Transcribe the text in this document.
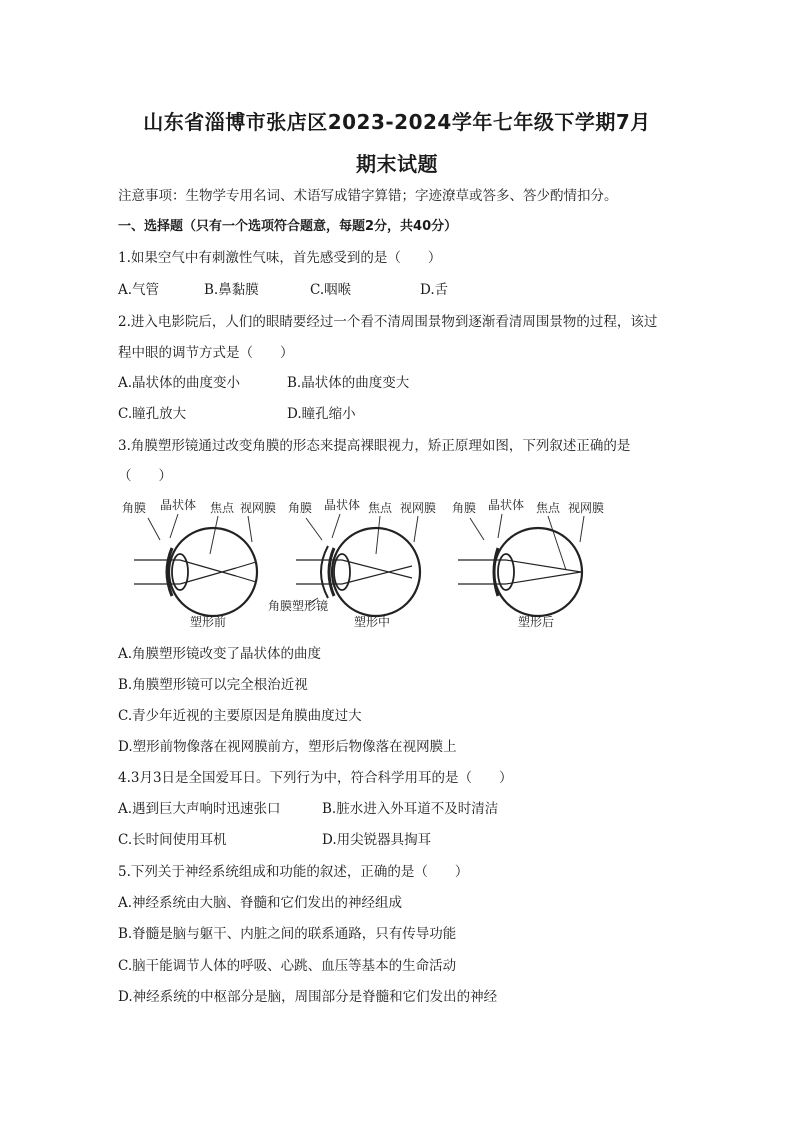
山东省淄博市张店区2023-2024学年七年级下学期7月
期末试题
注意事项：生物学专用名词、术语写成错字算错；字迹潦草或答多、答少酌情扣分。
一、选择题（只有一个选项符合题意，每题2分，共40分）
1.如果空气中有刺激性气味，首先感受到的是（　　）
A.气管	B.鼻黏膜	C.咽喉	D.舌
2.进入电影院后，人们的眼睛要经过一个看不清周围景物到逐渐看清周围景物的过程，该过
程中眼的调节方式是（　　）
A.晶状体的曲度变小	B.晶状体的曲度变大
C.瞳孔放大	D.瞳孔缩小
3.角膜塑形镜通过改变角膜的形态来提高裸眼视力，矫正原理如图，下列叙述正确的是
（　　）
角膜 晶状体 焦点 视网膜
塑形前
角膜 晶状体 焦点 视网膜
角膜塑形镜
塑形中
角膜 晶状体 焦点 视网膜
塑形后
A.角膜塑形镜改变了晶状体的曲度
B.角膜塑形镜可以完全根治近视
C.青少年近视的主要原因是角膜曲度过大
D.塑形前物像落在视网膜前方，塑形后物像落在视网膜上
4.3月3日是全国爱耳日。下列行为中，符合科学用耳的是（　　）
A.遇到巨大声响时迅速张口	B.脏水进入外耳道不及时清洁
C.长时间使用耳机	D.用尖锐器具掏耳
5.下列关于神经系统组成和功能的叙述，正确的是（　　）
A.神经系统由大脑、脊髓和它们发出的神经组成
B.脊髓是脑与躯干、内脏之间的联系通路，只有传导功能
C.脑干能调节人体的呼吸、心跳、血压等基本的生命活动
D.神经系统的中枢部分是脑，周围部分是脊髓和它们发出的神经
